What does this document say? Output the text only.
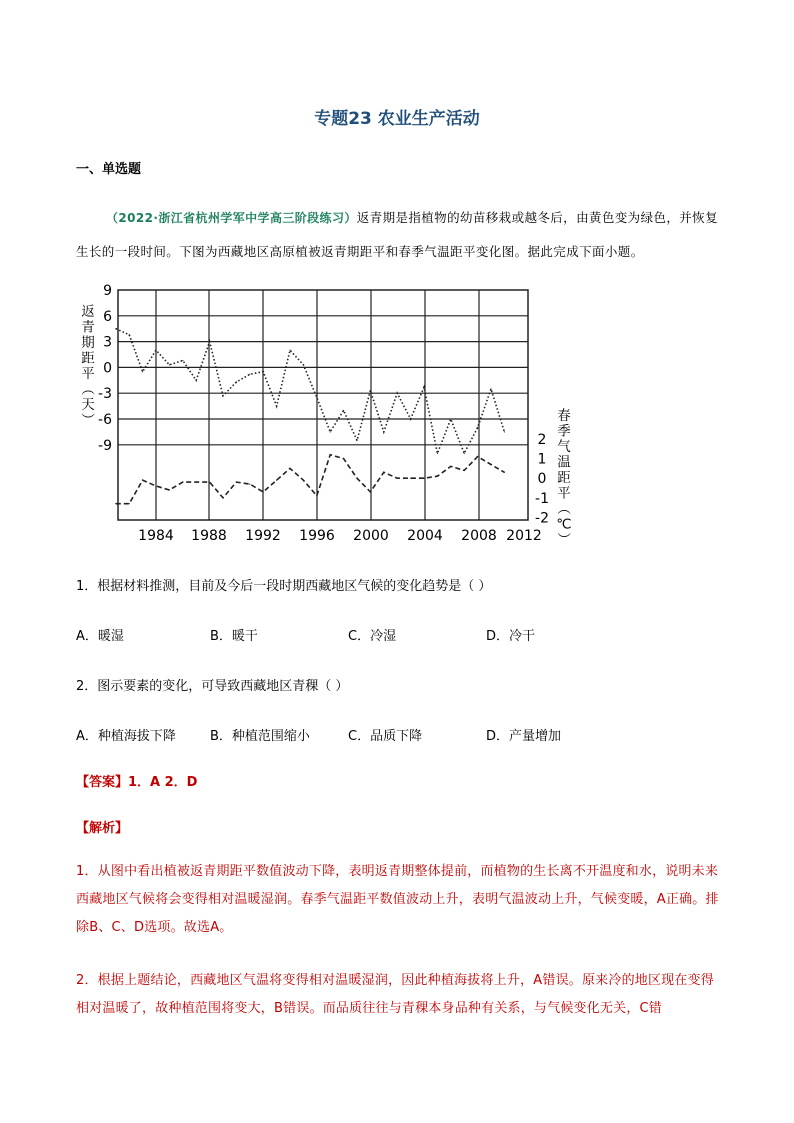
专题23 农业生产活动
一、单选题
（2022·浙江省杭州学军中学高三阶段练习）返青期是指植物的幼苗移栽或越冬后，由黄色变为绿色，并恢复生长的一段时间。下图为西藏地区高原植被返青期距平和春季气温距平变化图。据此完成下面小题。
9
6
3
0
-3
-6
-9	2
1
0
-1
-2
1984 1988 1992 1996 2000 2004 2008 2012
返
青
期
距
平
（
天
）	春
季
气
温
距
平
（
℃
）
1．根据材料推测，目前及今后一段时期西藏地区气候的变化趋势是（ ）
A．暖湿	B．暖干	C．冷湿	D．冷干
2．图示要素的变化，可导致西藏地区青稞（ ）
A．种植海拔下降	B．种植范围缩小	C．品质下降	D．产量增加
【答案】1．A 2．D
【解析】
1．从图中看出植被返青期距平数值波动下降，表明返青期整体提前，而植物的生长离不开温度和水，说明未来西藏地区气候将会变得相对温暖湿润。春季气温距平数值波动上升，表明气温波动上升，气候变暖，A正确。排除B、C、D选项。故选A。
2．根据上题结论，西藏地区气温将变得相对温暖湿润，因此种植海拔将上升，A错误。原来冷的地区现在变得相对温暖了，故种植范围将变大，B错误。而品质往往与青稞本身品种有关系，与气候变化无关，C错
